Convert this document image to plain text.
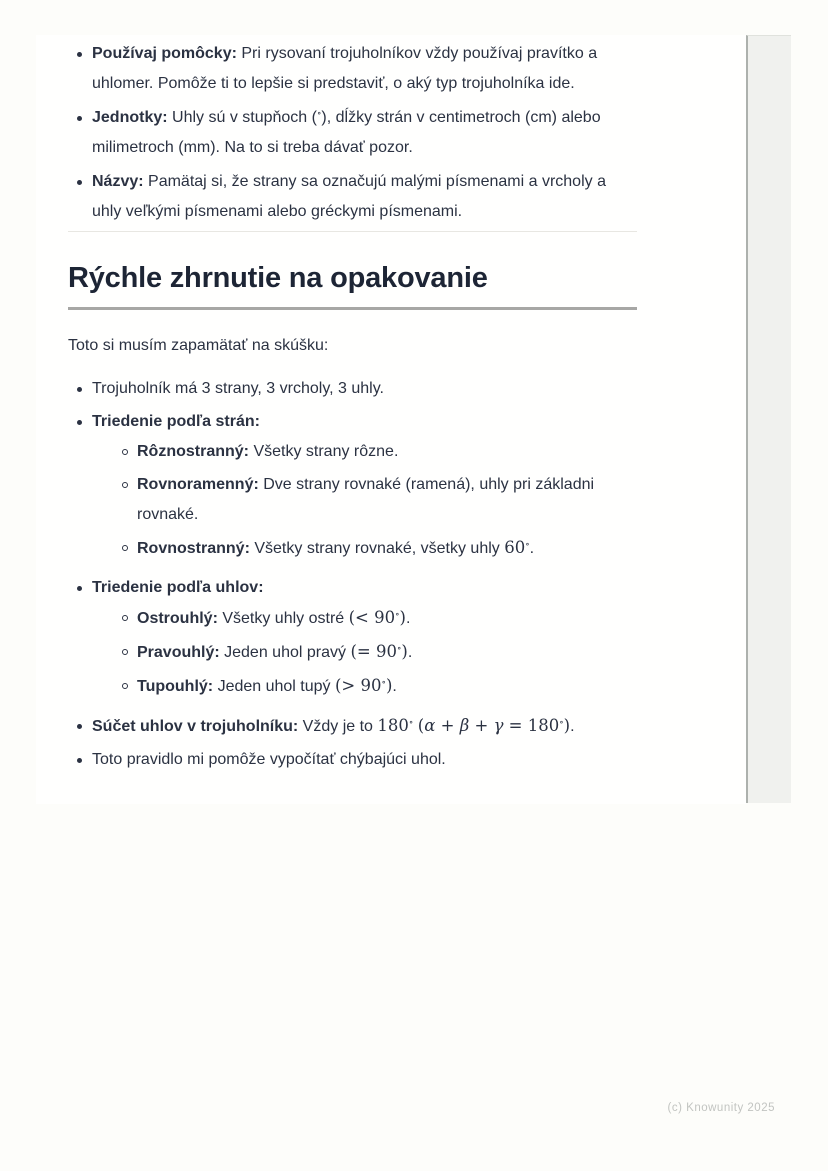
Používaj pomôcky: Pri rysovaní trojuholníkov vždy používaj pravítko a uhlomer. Pomôže ti to lepšie si predstaviť, o aký typ trojuholníka ide.
Jednotky: Uhly sú v stupňoch (∘), dĺžky strán v centimetroch (cm) alebo milimetroch (mm). Na to si treba dávať pozor.
Názvy: Pamätaj si, že strany sa označujú malými písmenami a vrcholy a uhly veľkými písmenami alebo gréckymi písmenami.
Rýchle zhrnutie na opakovanie

Toto si musím zapamätať na skúšku:

Trojuholník má 3 strany, 3 vrcholy, 3 uhly.
Triedenie podľa strán:
Rôznostranný: Všetky strany rôzne.
Rovnoramenný: Dve strany rovnaké (ramená), uhly pri základni rovnaké.
Rovnostranný: Všetky strany rovnaké, všetky uhly 60∘.
Triedenie podľa uhlov:
Ostrouhlý: Všetky uhly ostré (< 90∘).
Pravouhlý: Jeden uhol pravý (= 90∘).
Tupouhlý: Jeden uhol tupý (> 90∘).
Súčet uhlov v trojuholníku: Vždy je to 180∘ (α + β + γ = 180∘).
Toto pravidlo mi pomôže vypočítať chýbajúci uhol.
(c) Knowunity 2025
